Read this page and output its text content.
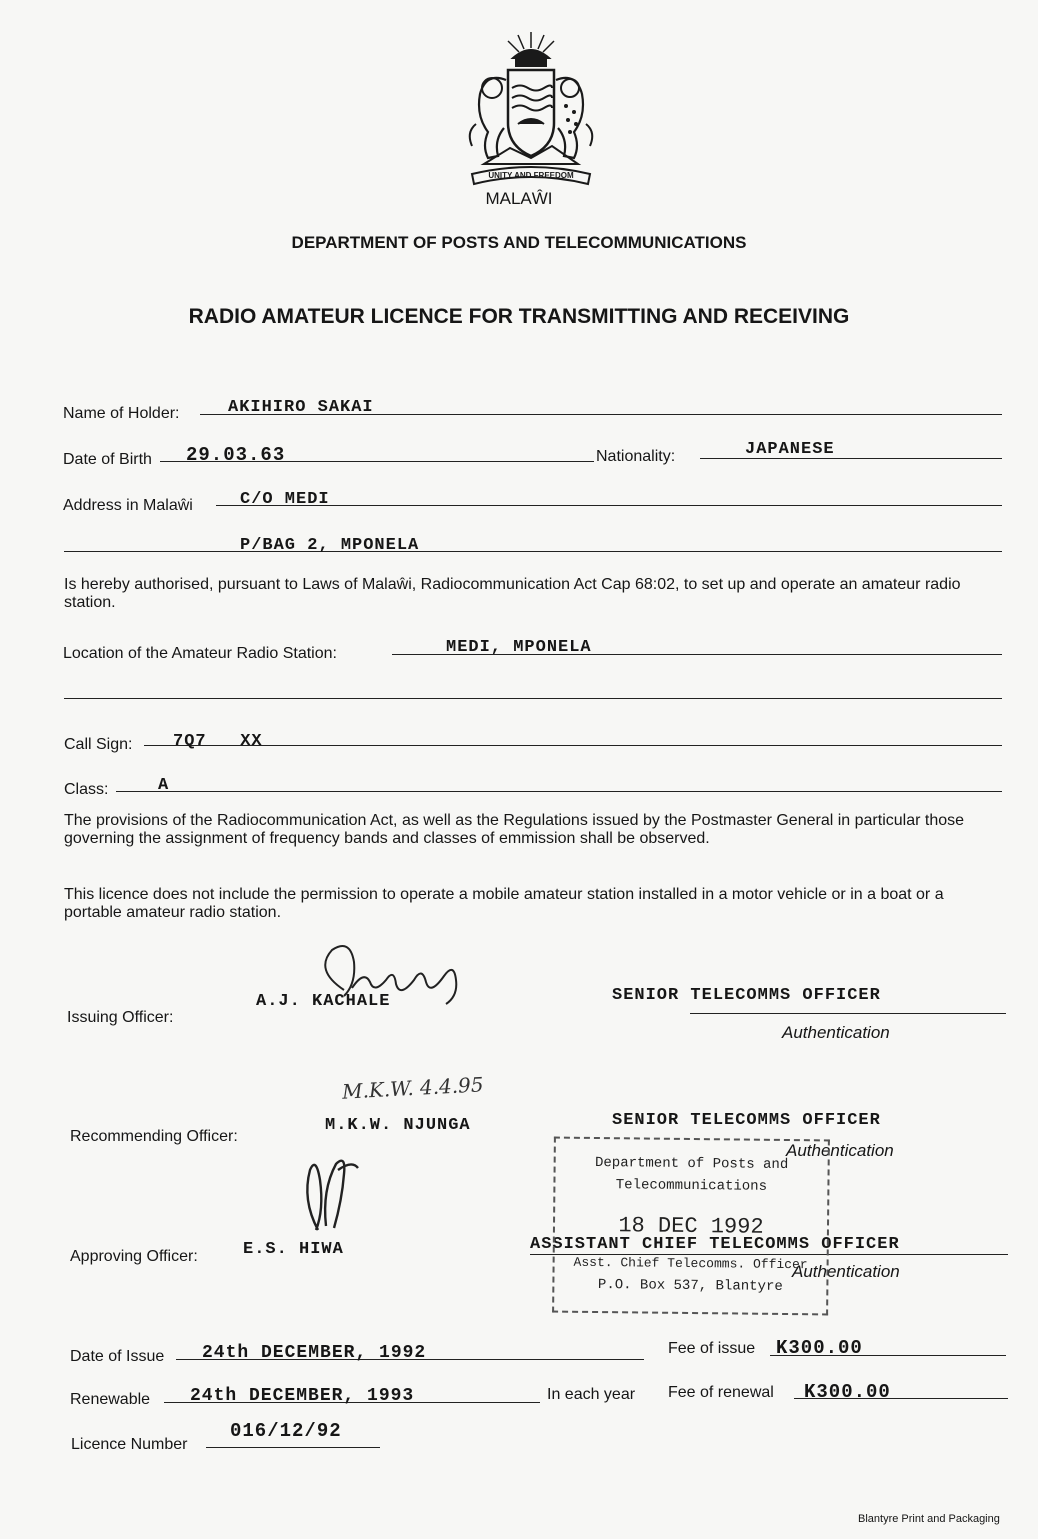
UNITY AND FREEDOM
MALAŴI
DEPARTMENT OF POSTS AND TELECOMMUNICATIONS
RADIO AMATEUR LICENCE FOR TRANSMITTING AND RECEIVING
Name of Holder:	AKIHIRO SAKAI
Date of Birth 29.03.63	Nationality:	JAPANESE
Address in Malaŵi	C/O MEDI
P/BAG 2, MPONELA
Is hereby authorised, pursuant to Laws of Malaŵi, Radiocommunication Act Cap 68:02, to set up and operate an amateur radio station.
Location of the Amateur Radio Station:	MEDI, MPONELA
Call Sign: 7Q7   XX
Class:	A
The provisions of the Radiocommunication Act, as well as the Regulations issued by the Postmaster General in particular those governing the assignment of frequency bands and classes of emmission shall be observed.
This licence does not include the permission to operate a mobile amateur station installed in a motor vehicle or in a boat or a portable amateur radio station.
Issuing Officer:
A.J. KACHALE	SENIOR TELECOMMS OFFICER
Authentication
M.K.W. 4.4.95
Recommending Officer:
M.K.W. NJUNGA	SENIOR TELECOMMS OFFICER
Authentication
Approving Officer:	E.S. HIWA	ASSISTANT CHIEF TELECOMMS OFFICER
Authentication
Department of Posts and
Telecommunications
18 DEC 1992
Asst. Chief Telecomms. Officer
P.O. Box 537, Blantyre
Date of Issue 24th DECEMBER, 1992	Fee of issue K300.00
Renewable 24th DECEMBER, 1993	In each year Fee of renewal K300.00
Licence Number
016/12/92
Blantyre Print and Packaging
